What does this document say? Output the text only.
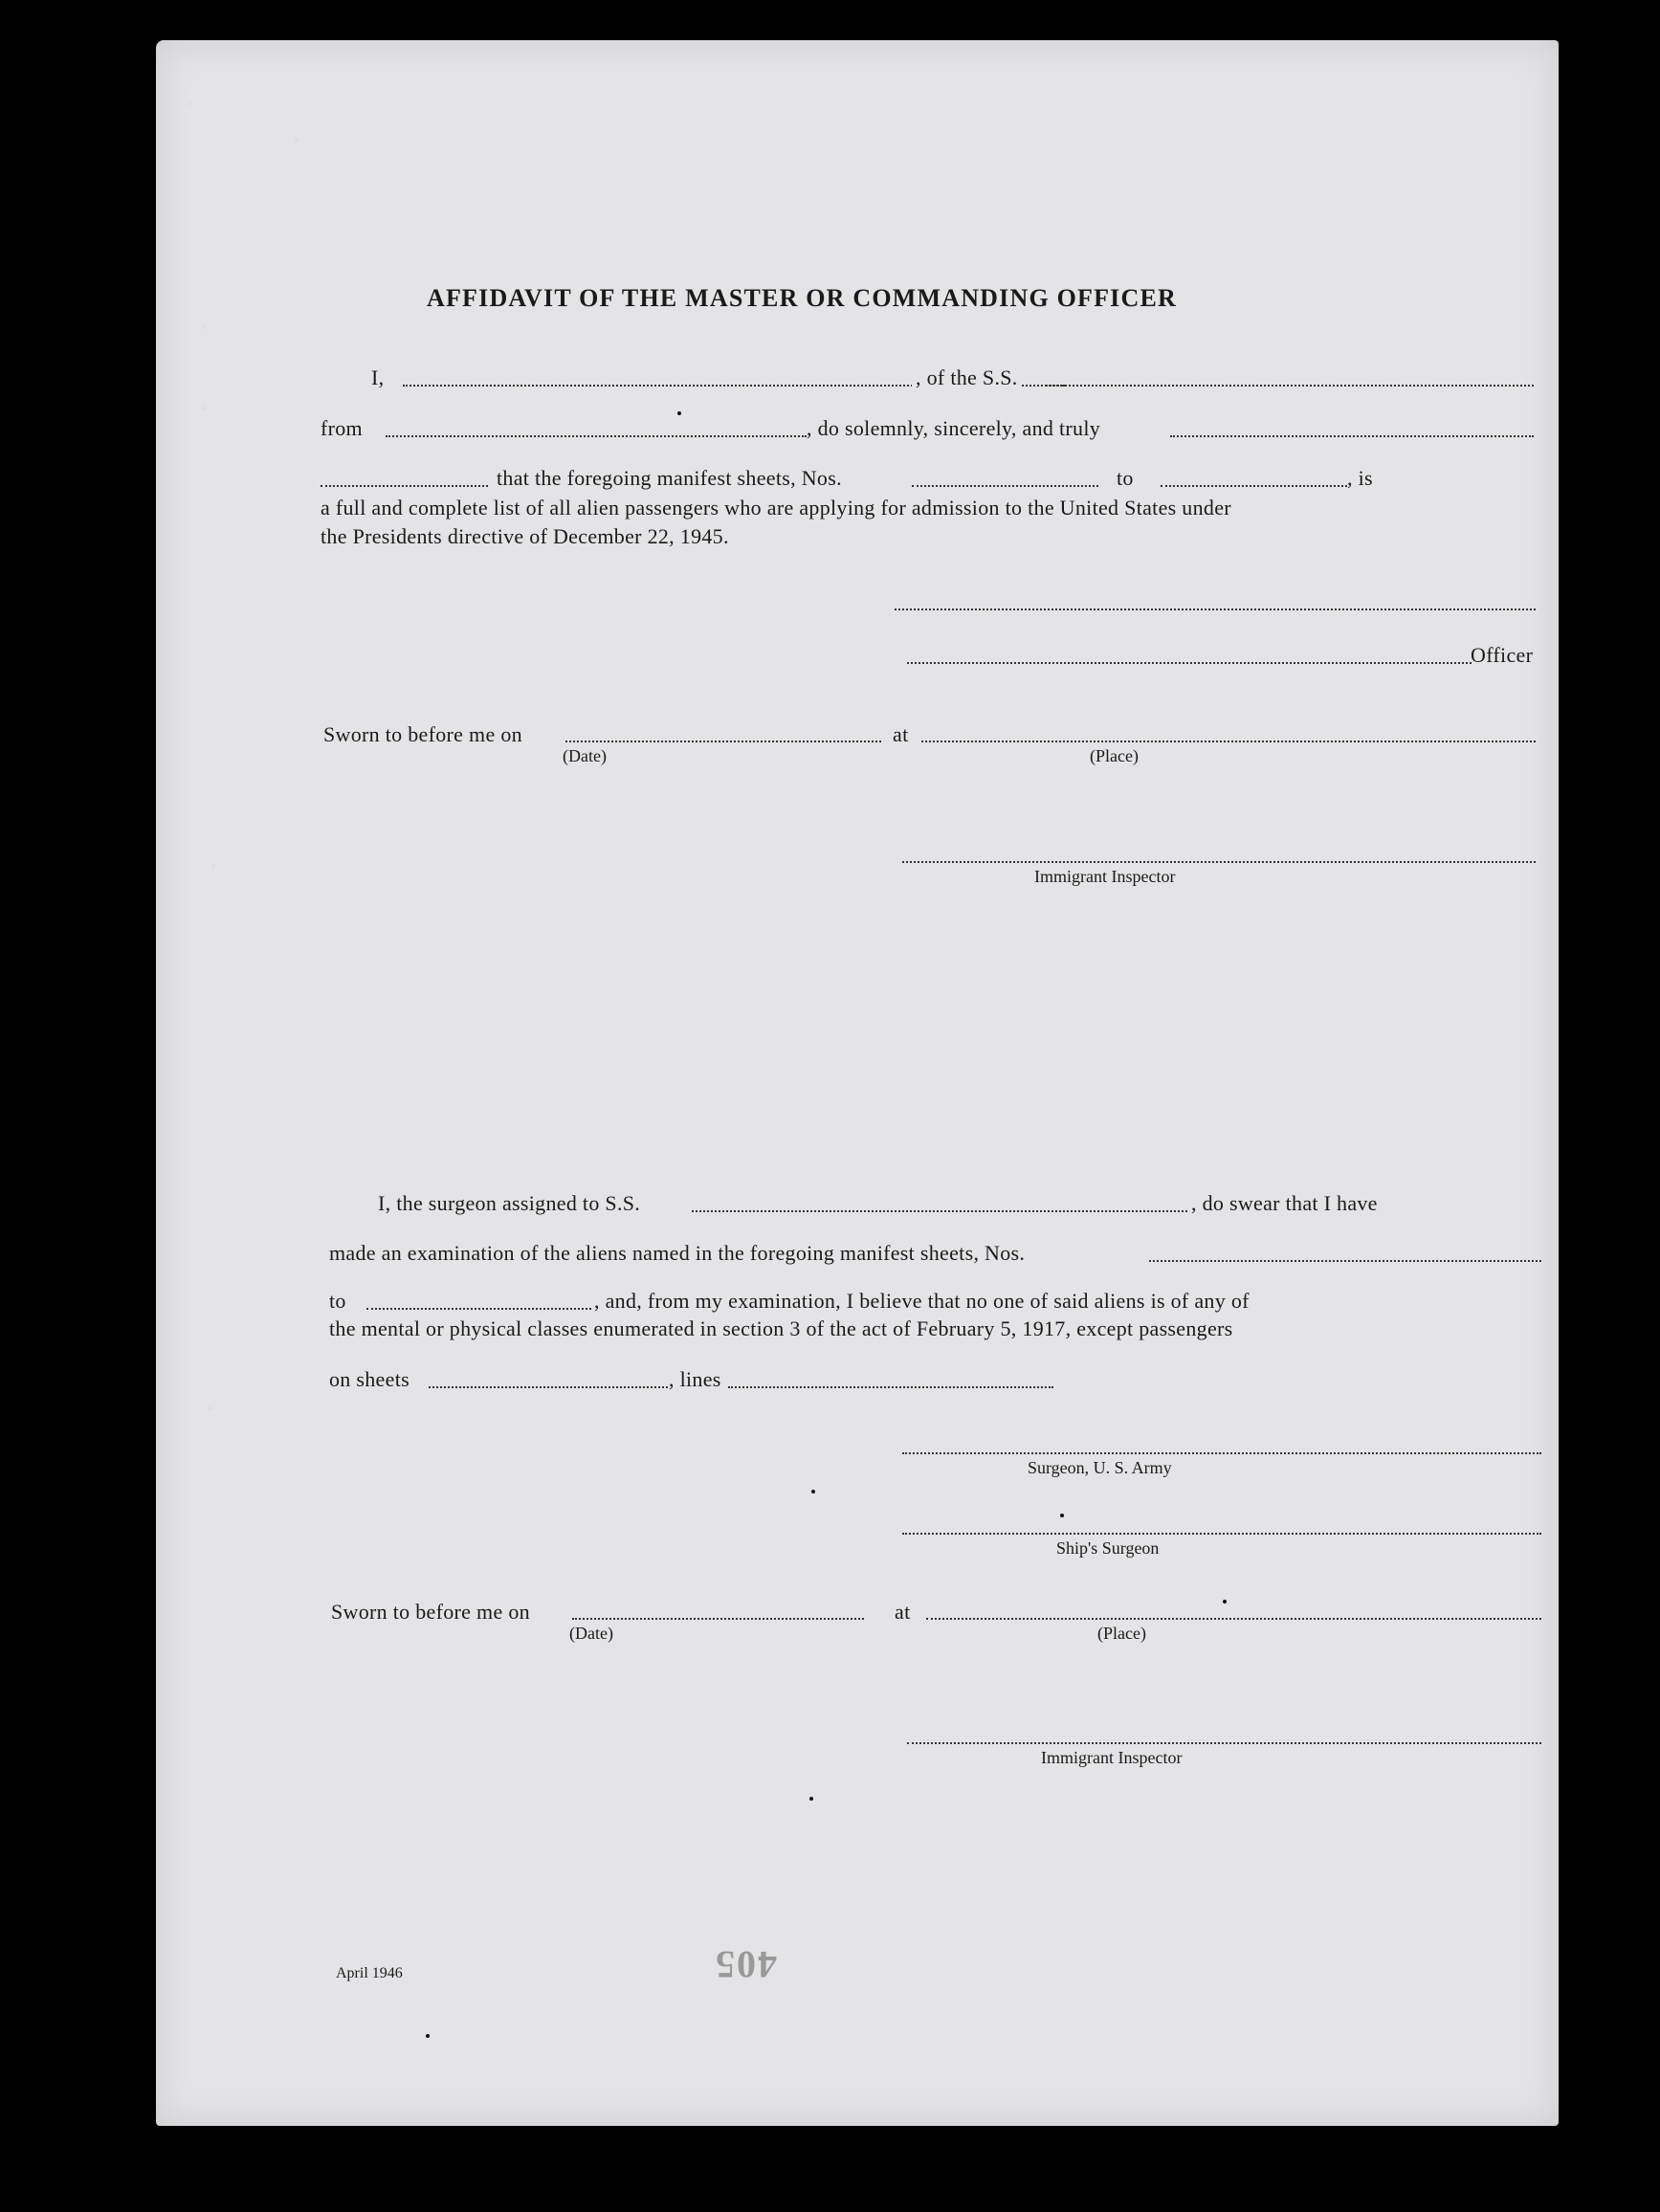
AFFIDAVIT OF THE MASTER OR COMMANDING OFFICER
I,	, of the S.S.
from	, do solemnly, sincerely, and truly
that the foregoing manifest sheets, Nos.	to	, is
a full and complete list of all alien passengers who are applying for admission to the United States under
the Presidents directive of December 22, 1945.
Officer
Sworn to before me on	at
(Date)	(Place)
Immigrant Inspector
I, the surgeon assigned to S.S.	, do swear that I have
made an examination of the aliens named in the foregoing manifest sheets, Nos.
to	, and, from my examination, I believe that no one of said aliens is of any of
the mental or physical classes enumerated in section 3 of the act of February 5, 1917, except passengers
on sheets	, lines
Surgeon, U. S. Army
Ship's Surgeon
Sworn to before me on	at
(Date)	(Place)
Immigrant Inspector
April 1946	405
